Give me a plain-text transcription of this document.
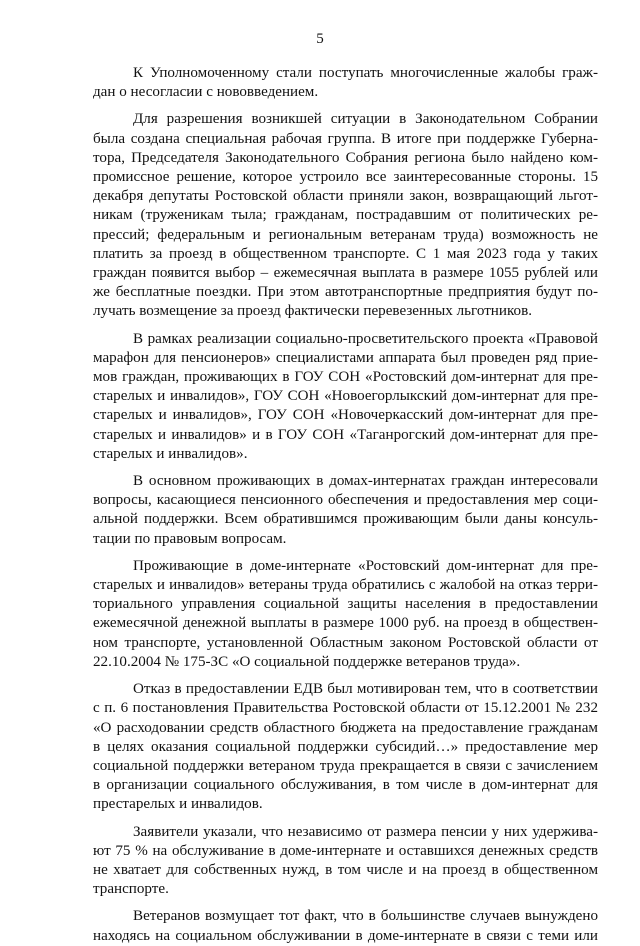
5
К Уполномоченному стали поступать многочисленные жалобы граж-
дан о несогласии с нововведением.
Для разрешения возникшей ситуации в Законодательном Собрании
была создана специальная рабочая группа. В итоге при поддержке Губерна-
тора, Председателя Законодательного Собрания региона было найдено ком-
промиссное решение, которое устроило все заинтересованные стороны. 15
декабря депутаты Ростовской области приняли закон, возвращающий льгот-
никам (труженикам тыла; гражданам, пострадавшим от политических ре-
прессий; федеральным и региональным ветеранам труда) возможность не
платить за проезд в общественном транспорте. С 1 мая 2023 года у таких
граждан появится выбор – ежемесячная выплата в размере 1055 рублей или
же бесплатные поездки. При этом автотранспортные предприятия будут по-
лучать возмещение за проезд фактически перевезенных льготников.
В рамках реализации социально-просветительского проекта «Правовой
марафон для пенсионеров» специалистами аппарата был проведен ряд прие-
мов граждан, проживающих в ГОУ СОН «Ростовский дом-интернат для пре-
старелых и инвалидов», ГОУ СОН «Новоегорлыкский дом-интернат для пре-
старелых и инвалидов», ГОУ СОН «Новочеркасский дом-интернат для пре-
старелых и инвалидов» и в ГОУ СОН «Таганрогский дом-интернат для пре-
старелых и инвалидов».
В основном проживающих в домах-интернатах граждан интересовали
вопросы, касающиеся пенсионного обеспечения и предоставления мер соци-
альной поддержки. Всем обратившимся проживающим были даны консуль-
тации по правовым вопросам.
Проживающие в доме-интернате «Ростовский дом-интернат для пре-
старелых и инвалидов» ветераны труда обратились с жалобой на отказ терри-
ториального управления социальной защиты населения в предоставлении
ежемесячной денежной выплаты в размере 1000 руб. на проезд в обществен-
ном транспорте, установленной Областным законом Ростовской области от
22.10.2004 № 175-ЗС «О социальной поддержке ветеранов труда».
Отказ в предоставлении ЕДВ был мотивирован тем, что в соответствии
с п. 6 постановления Правительства Ростовской области от 15.12.2001 № 232
«О расходовании средств областного бюджета на предоставление гражданам
в целях оказания социальной поддержки субсидий…» предоставление мер
социальной поддержки ветераном труда прекращается в связи с зачислением
в организации социального обслуживания, в том числе в дом-интернат для
престарелых и инвалидов.
Заявители указали, что независимо от размера пенсии у них удержива-
ют 75 % на обслуживание в доме-интернате и оставшихся денежных средств
не хватает для собственных нужд, в том числе и на проезд в общественном
транспорте.
Ветеранов возмущает тот факт, что в большинстве случаев вынуждено
находясь на социальном обслуживании в доме-интернате в связи с теми или
